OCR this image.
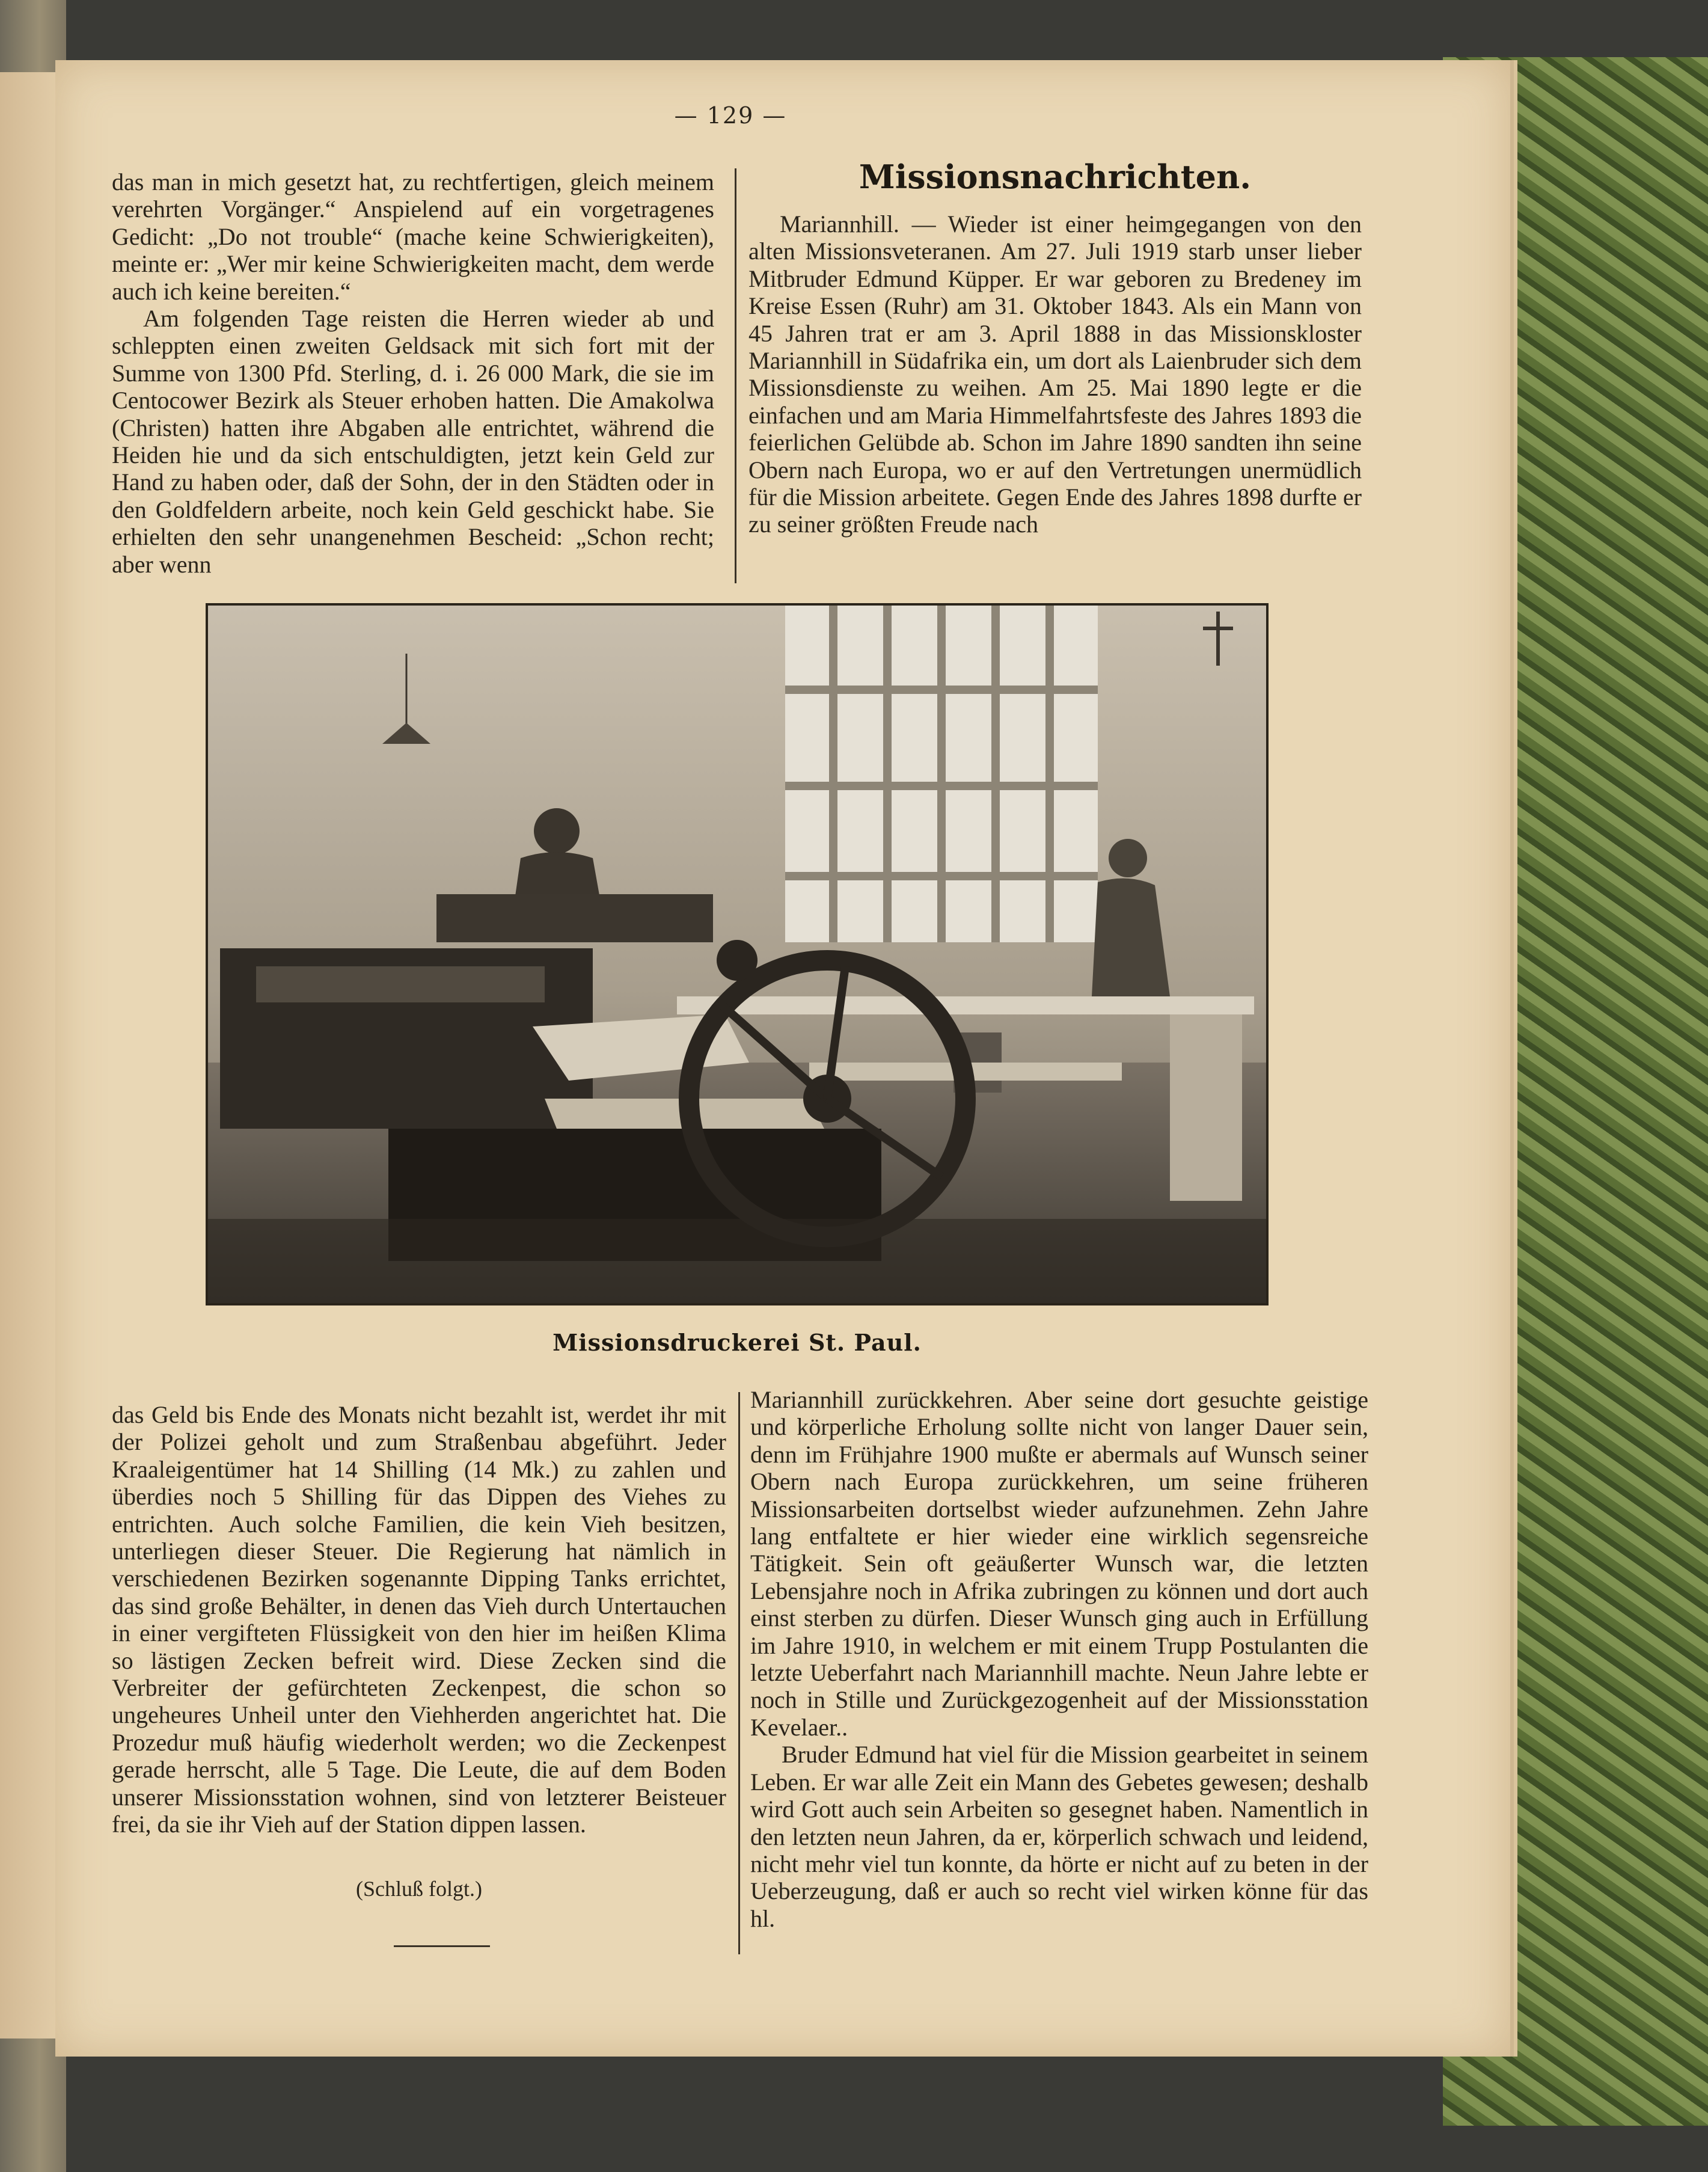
— 129 —

das man in mich gesetzt hat, zu rechtfertigen, gleich meinem verehrten Vorgänger.“ Anspielend auf ein vorgetragenes Gedicht: „Do not trouble“ (mache keine Schwierigkeiten), meinte er: „Wer mir keine Schwierigkeiten macht, dem werde auch ich keine bereiten.“

Am folgenden Tage reisten die Herren wieder ab und schleppten einen zweiten Geldsack mit sich fort mit der Summe von 1300 Pfd. Sterling, d. i. 26 000 Mark, die sie im Centocower Bezirk als Steuer erhoben hatten. Die Amakolwa (Christen) hatten ihre Abgaben alle entrichtet, während die Heiden hie und da sich entschuldigten, jetzt kein Geld zur Hand zu haben oder, daß der Sohn, der in den Städten oder in den Goldfeldern arbeite, noch kein Geld geschickt habe. Sie erhielten den sehr unangenehmen Bescheid: „Schon recht; aber wenn

Missionsnachrichten.

Mariannhill. — Wieder ist einer heimgegangen von den alten Missionsveteranen. Am 27. Juli 1919 starb unser lieber Mitbruder Edmund Küpper. Er war geboren zu Bredeney im Kreise Essen (Ruhr) am 31. Oktober 1843. Als ein Mann von 45 Jahren trat er am 3. April 1888 in das Missionskloster Mariannhill in Südafrika ein, um dort als Laienbruder sich dem Missionsdienste zu weihen. Am 25. Mai 1890 legte er die einfachen und am Maria Himmelfahrtsfeste des Jahres 1893 die feierlichen Gelübde ab. Schon im Jahre 1890 sandten ihn seine Obern nach Europa, wo er auf den Vertretungen unermüdlich für die Mission arbeitete. Gegen Ende des Jahres 1898 durfte er zu seiner größten Freude nach

Missionsdruckerei St. Paul.

das Geld bis Ende des Monats nicht bezahlt ist, werdet ihr mit der Polizei geholt und zum Straßenbau abgeführt. Jeder Kraaleigentümer hat 14 Shilling (14 Mk.) zu zahlen und überdies noch 5 Shilling für das Dippen des Viehes zu entrichten. Auch solche Familien, die kein Vieh besitzen, unterliegen dieser Steuer. Die Regierung hat nämlich in verschiedenen Bezirken sogenannte Dipping Tanks errichtet, das sind große Behälter, in denen das Vieh durch Untertauchen in einer vergifteten Flüssigkeit von den hier im heißen Klima so lästigen Zecken befreit wird. Diese Zecken sind die Verbreiter der gefürchteten Zeckenpest, die schon so ungeheures Unheil unter den Viehherden angerichtet hat. Die Prozedur muß häufig wiederholt werden; wo die Zeckenpest gerade herrscht, alle 5 Tage. Die Leute, die auf dem Boden unserer Missionsstation wohnen, sind von letzterer Beisteuer frei, da sie ihr Vieh auf der Station dippen lassen.

(Schluß folgt.)

Mariannhill zurückkehren. Aber seine dort gesuchte geistige und körperliche Erholung sollte nicht von langer Dauer sein, denn im Frühjahre 1900 mußte er abermals auf Wunsch seiner Obern nach Europa zurückkehren, um seine früheren Missionsarbeiten dortselbst wieder aufzunehmen. Zehn Jahre lang entfaltete er hier wieder eine wirklich segensreiche Tätigkeit. Sein oft geäußerter Wunsch war, die letzten Lebensjahre noch in Afrika zubringen zu können und dort auch einst sterben zu dürfen. Dieser Wunsch ging auch in Erfüllung im Jahre 1910, in welchem er mit einem Trupp Postulanten die letzte Ueberfahrt nach Mariannhill machte. Neun Jahre lebte er noch in Stille und Zurückgezogenheit auf der Missionsstation Kevelaer..

Bruder Edmund hat viel für die Mission gearbeitet in seinem Leben. Er war alle Zeit ein Mann des Gebetes gewesen; deshalb wird Gott auch sein Arbeiten so gesegnet haben. Namentlich in den letzten neun Jahren, da er, körperlich schwach und leidend, nicht mehr viel tun konnte, da hörte er nicht auf zu beten in der Ueberzeugung, daß er auch so recht viel wirken könne für das hl.
